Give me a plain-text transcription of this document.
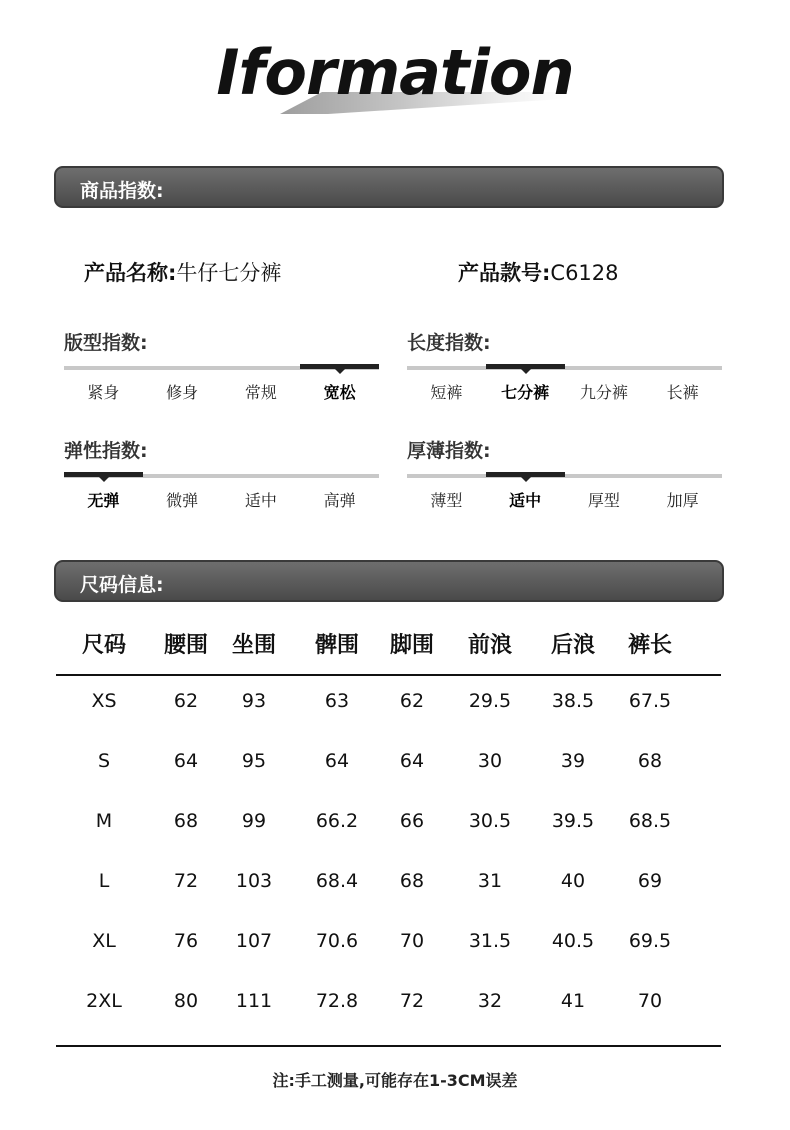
Iformation
商品指数:
产品名称:牛仔七分裤	产品款号:C6128
版型指数:
紧身	修身	常规	宽松
长度指数:
短裤	七分裤	九分裤	长裤
弹性指数:
无弹	微弹	适中	高弹
厚薄指数:
薄型	适中	厚型	加厚
尺码信息:
尺码	腰围	坐围	髀围	脚围	前浪	后浪	裤长
XS	62	93	63	62	29.5	38.5	67.5
S	64	95	64	64	30	39	68
M	68	99	66.2	66	30.5	39.5	68.5
L	72	103	68.4	68	31	40	69
XL	76	107	70.6	70	31.5	40.5	69.5
2XL	80	111	72.8	72	32	41	70
注:手工测量,可能存在1-3CM误差
